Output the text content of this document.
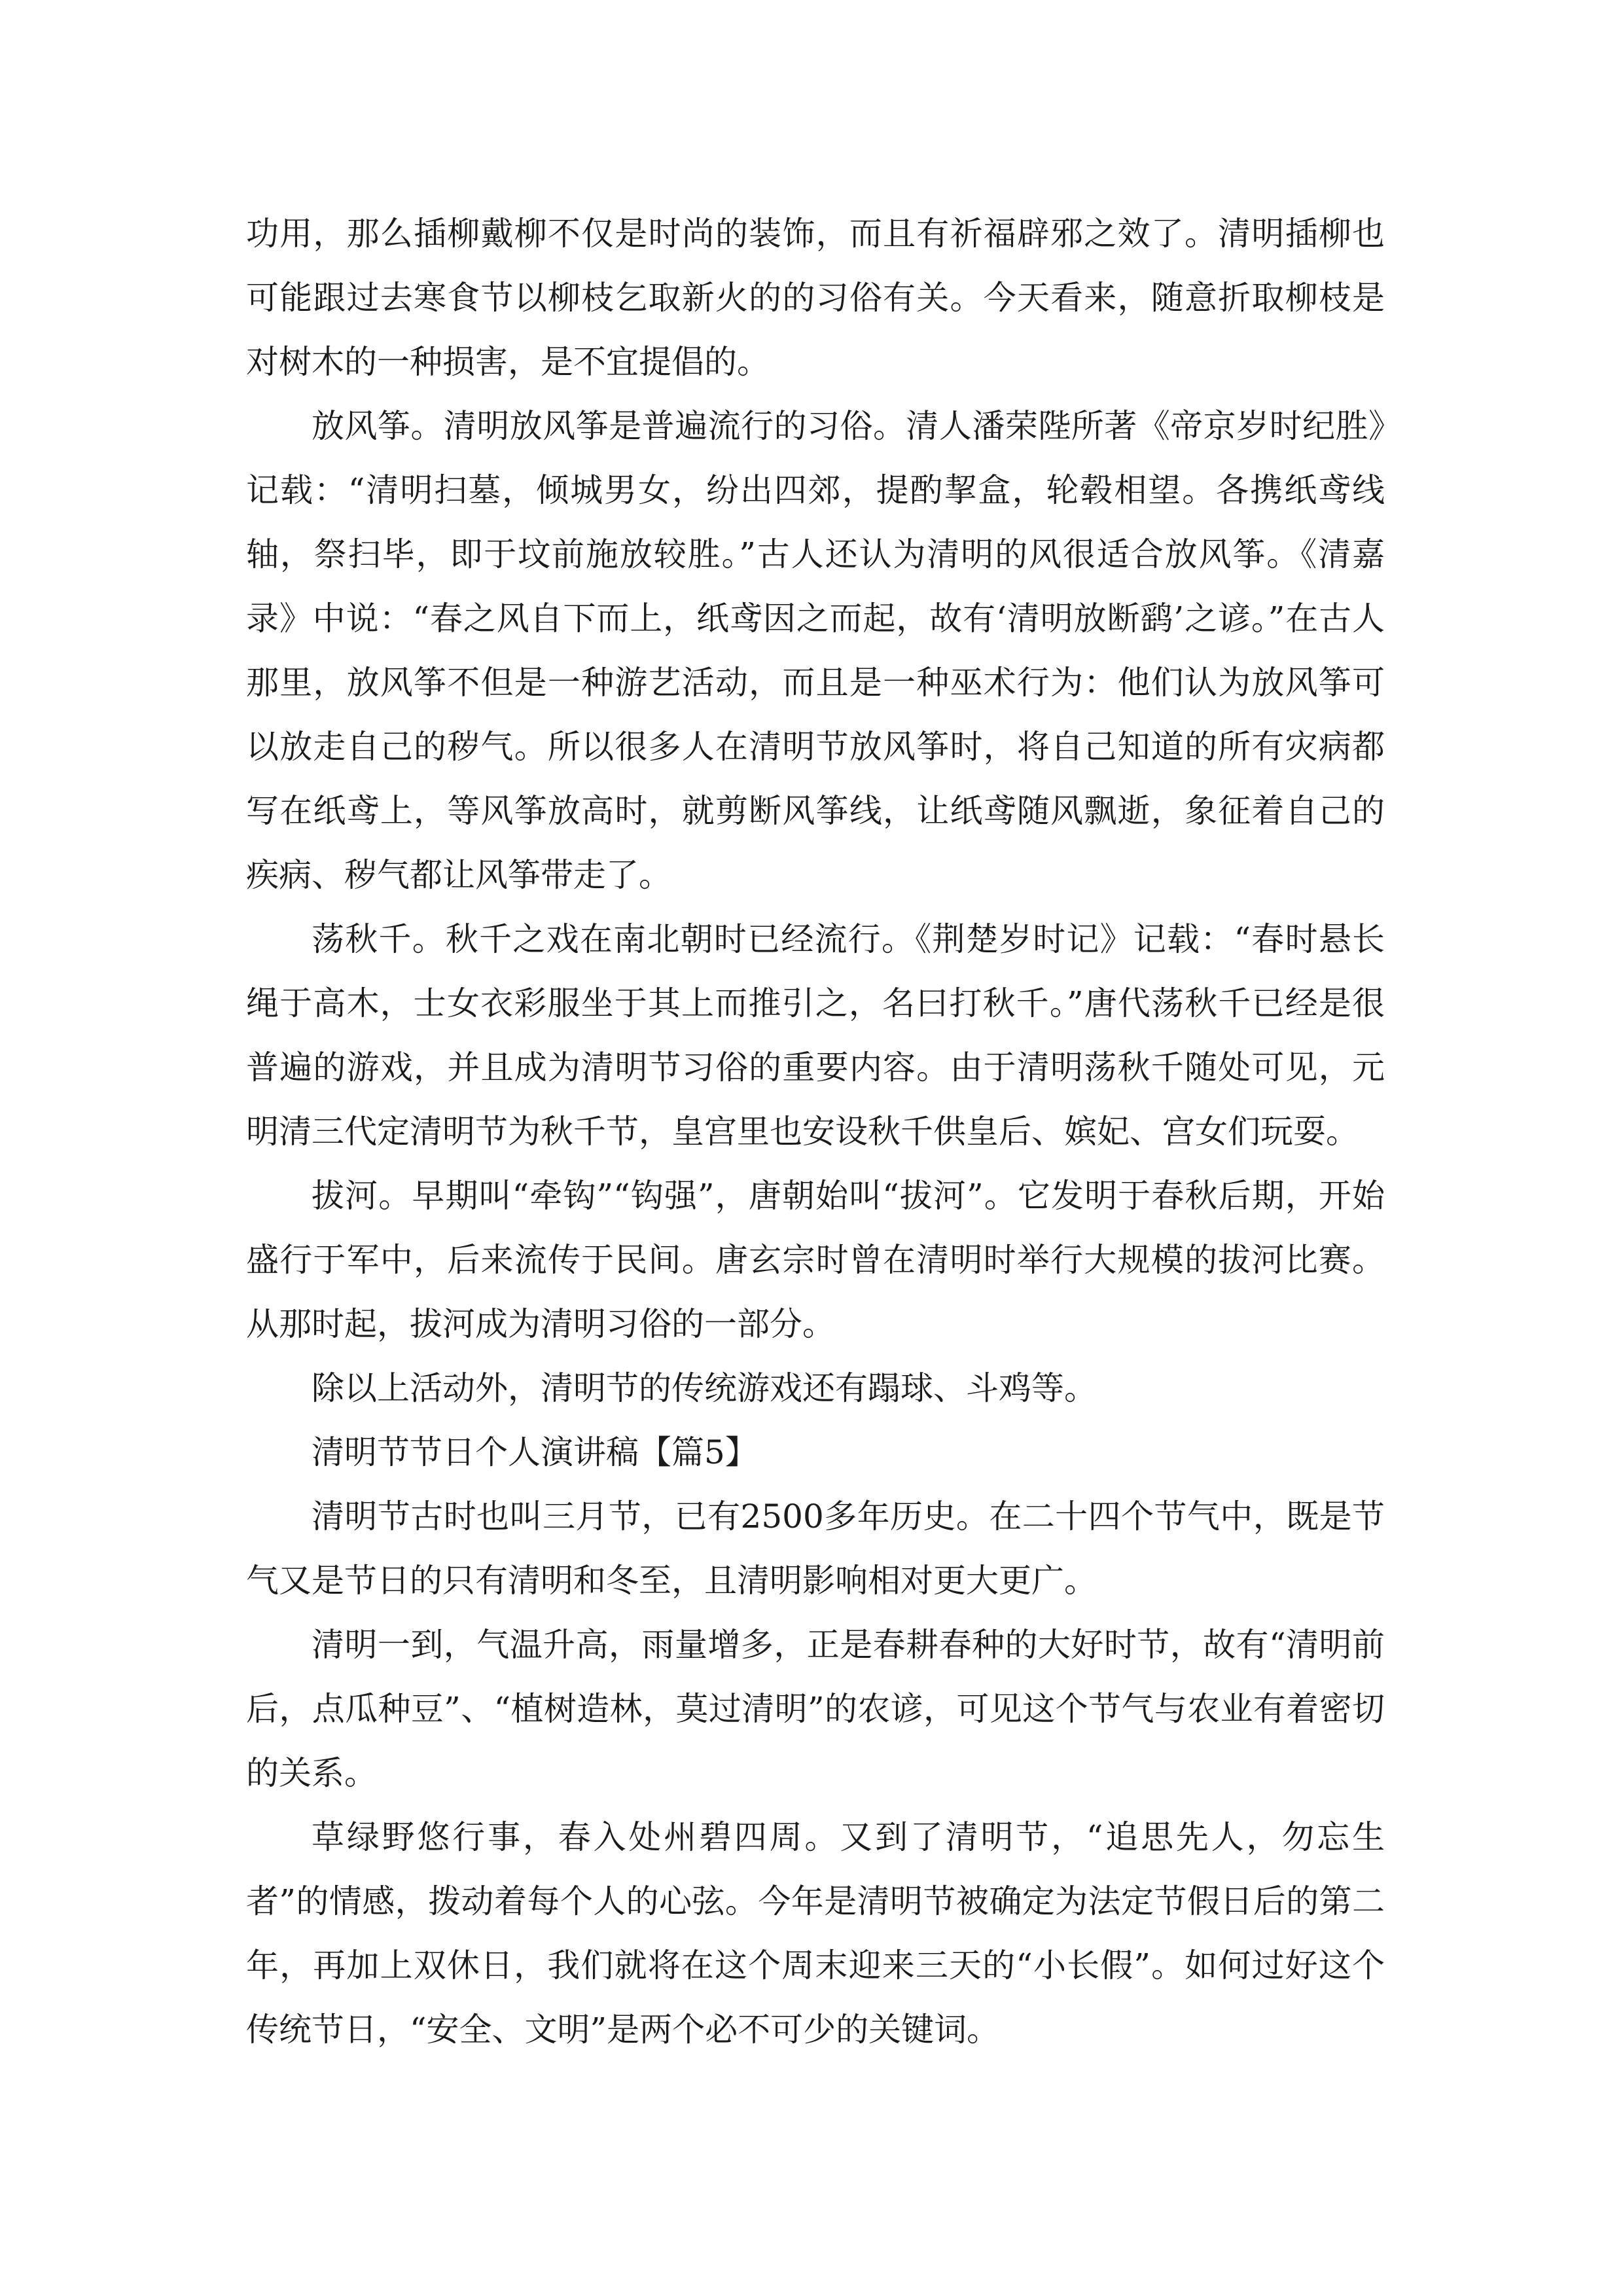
功用，那么插柳戴柳不仅是时尚的装饰，而且有祈福辟邪之效了。清明插柳也可能跟过去寒食节以柳枝乞取新火的的习俗有关。今天看来，随意折取柳枝是对树木的一种损害，是不宜提倡的。

放风筝。清明放风筝是普遍流行的习俗。清人潘荣陛所著《帝京岁时纪胜》记载：“清明扫墓，倾城男女，纷出四郊，提酌挈盒，轮毂相望。各携纸鸢线轴，祭扫毕，即于坟前施放较胜。”古人还认为清明的风很适合放风筝。《清嘉录》中说：“春之风自下而上，纸鸢因之而起，故有‘清明放断鹞’之谚。”在古人那里，放风筝不但是一种游艺活动，而且是一种巫术行为：他们认为放风筝可以放走自己的秽气。所以很多人在清明节放风筝时，将自己知道的所有灾病都写在纸鸢上，等风筝放高时，就剪断风筝线，让纸鸢随风飘逝，象征着自己的疾病、秽气都让风筝带走了。

荡秋千。秋千之戏在南北朝时已经流行。《荆楚岁时记》记载：“春时悬长绳于高木，士女衣彩服坐于其上而推引之，名曰打秋千。”唐代荡秋千已经是很普遍的游戏，并且成为清明节习俗的重要内容。由于清明荡秋千随处可见，元明清三代定清明节为秋千节，皇宫里也安设秋千供皇后、嫔妃、宫女们玩耍。

拔河。早期叫“牵钩”“钩强”，唐朝始叫“拔河”。它发明于春秋后期，开始盛行于军中，后来流传于民间。唐玄宗时曾在清明时举行大规模的拔河比赛。从那时起，拔河成为清明习俗的一部分。

除以上活动外，清明节的传统游戏还有蹋球、斗鸡等。

清明节节日个人演讲稿【篇5】

清明节古时也叫三月节，已有2500多年历史。在二十四个节气中，既是节气又是节日的只有清明和冬至，且清明影响相对更大更广。

清明一到，气温升高，雨量增多，正是春耕春种的大好时节，故有“清明前后，点瓜种豆”、“植树造林，莫过清明”的农谚，可见这个节气与农业有着密切的关系。

草绿野悠行事，春入处州碧四周。又到了清明节，“追思先人，勿忘生者”的情感，拨动着每个人的心弦。今年是清明节被确定为法定节假日后的第二年，再加上双休日，我们就将在这个周末迎来三天的“小长假”。如何过好这个传统节日，“安全、文明”是两个必不可少的关键词。
